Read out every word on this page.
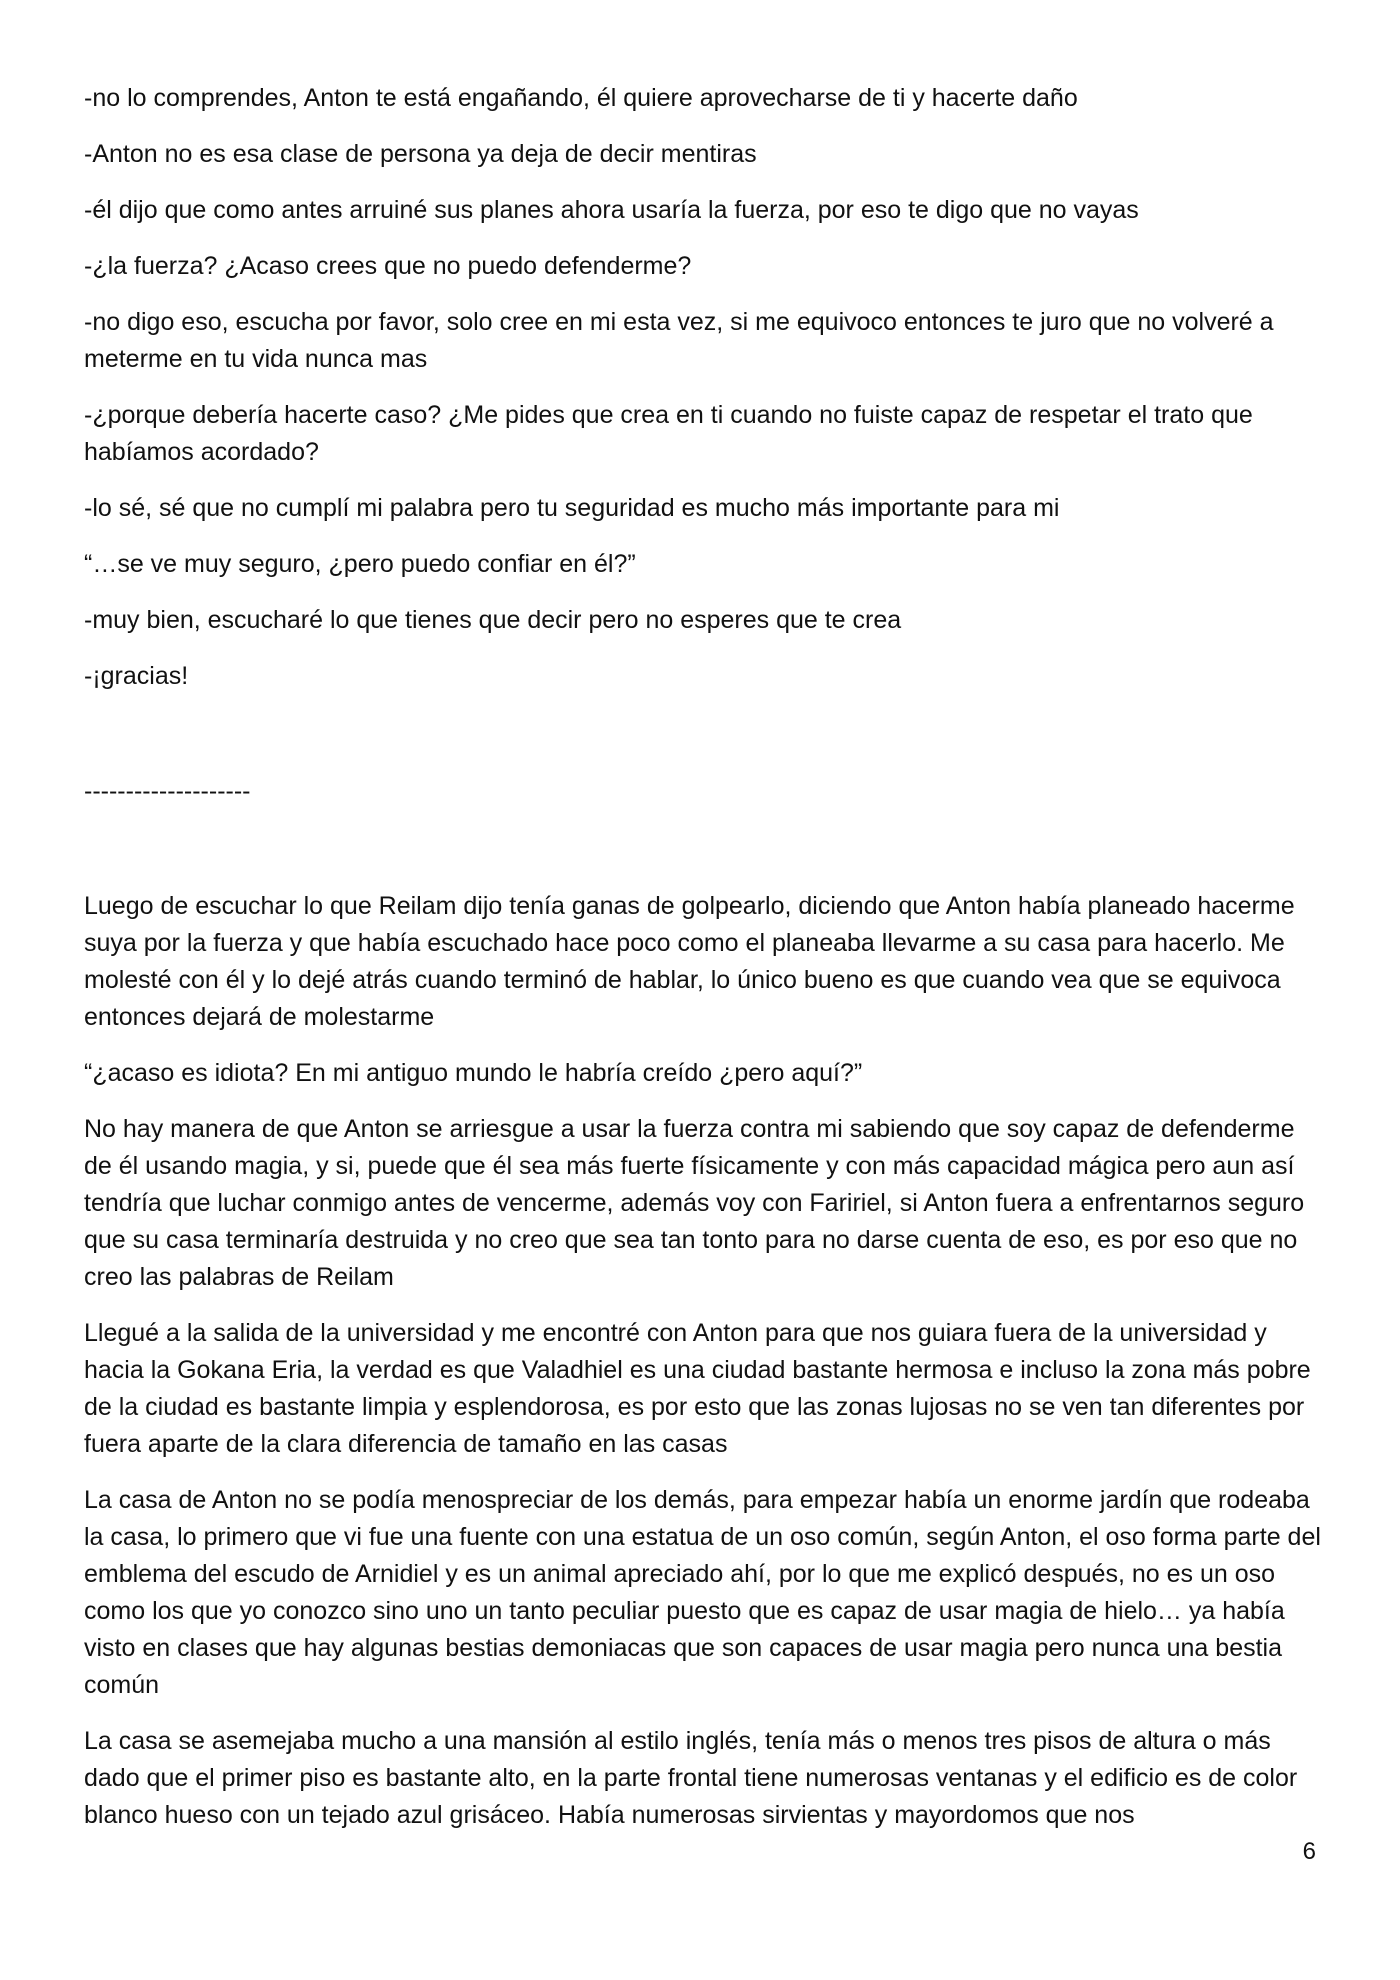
-no lo comprendes, Anton te está engañando, él quiere aprovecharse de ti y hacerte daño

-Anton no es esa clase de persona ya deja de decir mentiras

-él dijo que como antes arruiné sus planes ahora usaría la fuerza, por eso te digo que no vayas

-¿la fuerza? ¿Acaso crees que no puedo defenderme?

-no digo eso, escucha por favor, solo cree en mi esta vez, si me equivoco entonces te juro que no volveré a meterme en tu vida nunca mas

-¿porque debería hacerte caso? ¿Me pides que crea en ti cuando no fuiste capaz de respetar el trato que habíamos acordado?

-lo sé, sé que no cumplí mi palabra pero tu seguridad es mucho más importante para mi

“…se ve muy seguro, ¿pero puedo confiar en él?”

-muy bien, escucharé lo que tienes que decir pero no esperes que te crea

-¡gracias!

--------------------

Luego de escuchar lo que Reilam dijo tenía ganas de golpearlo, diciendo que Anton había planeado hacerme suya por la fuerza y que había escuchado hace poco como el planeaba llevarme a su casa para hacerlo. Me molesté con él y lo dejé atrás cuando terminó de hablar, lo único bueno es que cuando vea que se equivoca entonces dejará de molestarme

“¿acaso es idiota? En mi antiguo mundo le habría creído ¿pero aquí?”

No hay manera de que Anton se arriesgue a usar la fuerza contra mi sabiendo que soy capaz de defenderme de él usando magia, y si, puede que él sea más fuerte físicamente y con más capacidad mágica pero aun así tendría que luchar conmigo antes de vencerme, además voy con Faririel, si Anton fuera a enfrentarnos seguro que su casa terminaría destruida y no creo que sea tan tonto para no darse cuenta de eso, es por eso que no creo las palabras de Reilam

Llegué a la salida de la universidad y me encontré con Anton para que nos guiara fuera de la universidad y hacia la Gokana Eria, la verdad es que Valadhiel es una ciudad bastante hermosa e incluso la zona más pobre de la ciudad es bastante limpia y esplendorosa, es por esto que las zonas lujosas no se ven tan diferentes por fuera aparte de la clara diferencia de tamaño en las casas

La casa de Anton no se podía menospreciar de los demás, para empezar había un enorme jardín que rodeaba la casa, lo primero que vi fue una fuente con una estatua de un oso común, según Anton, el oso forma parte del emblema del escudo de Arnidiel y es un animal apreciado ahí, por lo que me explicó después, no es un oso como los que yo conozco sino uno un tanto peculiar puesto que es capaz de usar magia de hielo… ya había visto en clases que hay algunas bestias demoniacas que son capaces de usar magia pero nunca una bestia común

La casa se asemejaba mucho a una mansión al estilo inglés, tenía más o menos tres pisos de altura o más dado que el primer piso es bastante alto, en la parte frontal tiene numerosas ventanas y el edificio es de color blanco hueso con un tejado azul grisáceo. Había numerosas sirvientas y mayordomos que nos

6
